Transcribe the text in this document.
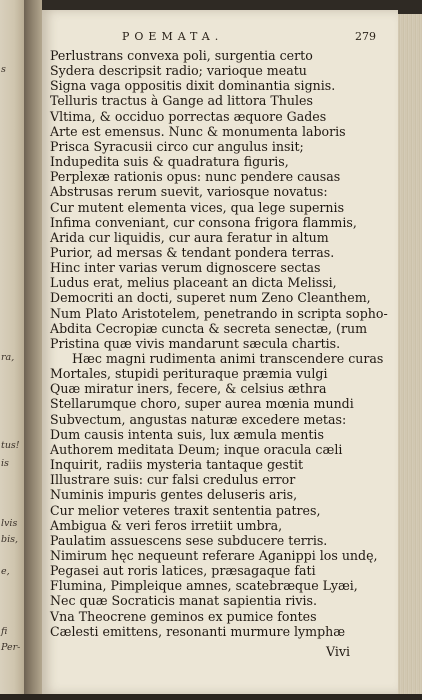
s
ra,
tus!
is
lvis
bis,
e,
fi
Per-
POEMATA.	279
Perlustrans convexa poli, surgentia certo
Sydera descripsit radio; varioque meatu
Signa vaga oppositis dixit dominantia signis.
Telluris tractus à Gange ad littora Thules
Vltima, & occiduo porrectas æquore Gades
Arte est emensus. Nunc & monumenta laboris
Prisca Syracusii circo cur angulus insit;
Indupedita suis & quadratura figuris,
Perplexæ rationis opus: nunc pendere causas
Abstrusas rerum suevit, variosque novatus:
Cur mutent elementa vices, qua lege supernis
Infima conveniant, cur consona frigora flammis,
Arida cur liquidis, cur aura feratur in altum
Purior, ad mersas & tendant pondera terras.
Hinc inter varias verum dignoscere sectas
Ludus erat, melius placeant an dicta Melissi,
Democriti an docti, superet num Zeno Cleanthem,
Num Plato Aristotelem, penetrando in scripta sopho-
Abdita Cecropiæ cuncta & secreta senectæ, (rum
Pristina quæ vivis mandarunt sæcula chartis.
Hæc magni rudimenta animi transcendere curas
Mortales, stupidi perituraque præmia vulgi
Quæ miratur iners, fecere, & celsius æthra
Stellarumque choro, super aurea mœnia mundi
Subvectum, angustas naturæ excedere metas:
Dum causis intenta suis, lux æmula mentis
Authorem meditata Deum; inque oracula cæli
Inquirit, radiis mysteria tantaque gestit
Illustrare suis: cur falsi credulus error
Numinis impuris gentes deluseris aris,
Cur melior veteres traxit sententia patres,
Ambigua & veri feros irretiit umbra,
Paulatim assuescens sese subducere terris.
Nimirum hęc nequeunt referare Aganippi los undę,
Pegasei aut roris latices, præsagaque fati
Flumina, Pimpleique amnes, scatebræque Lyæi,
Nec quæ Socraticis manat sapientia rivis.
Vna Theocrene geminos ex pumice fontes
Cælesti emittens, resonanti murmure lymphæ
Vivi
